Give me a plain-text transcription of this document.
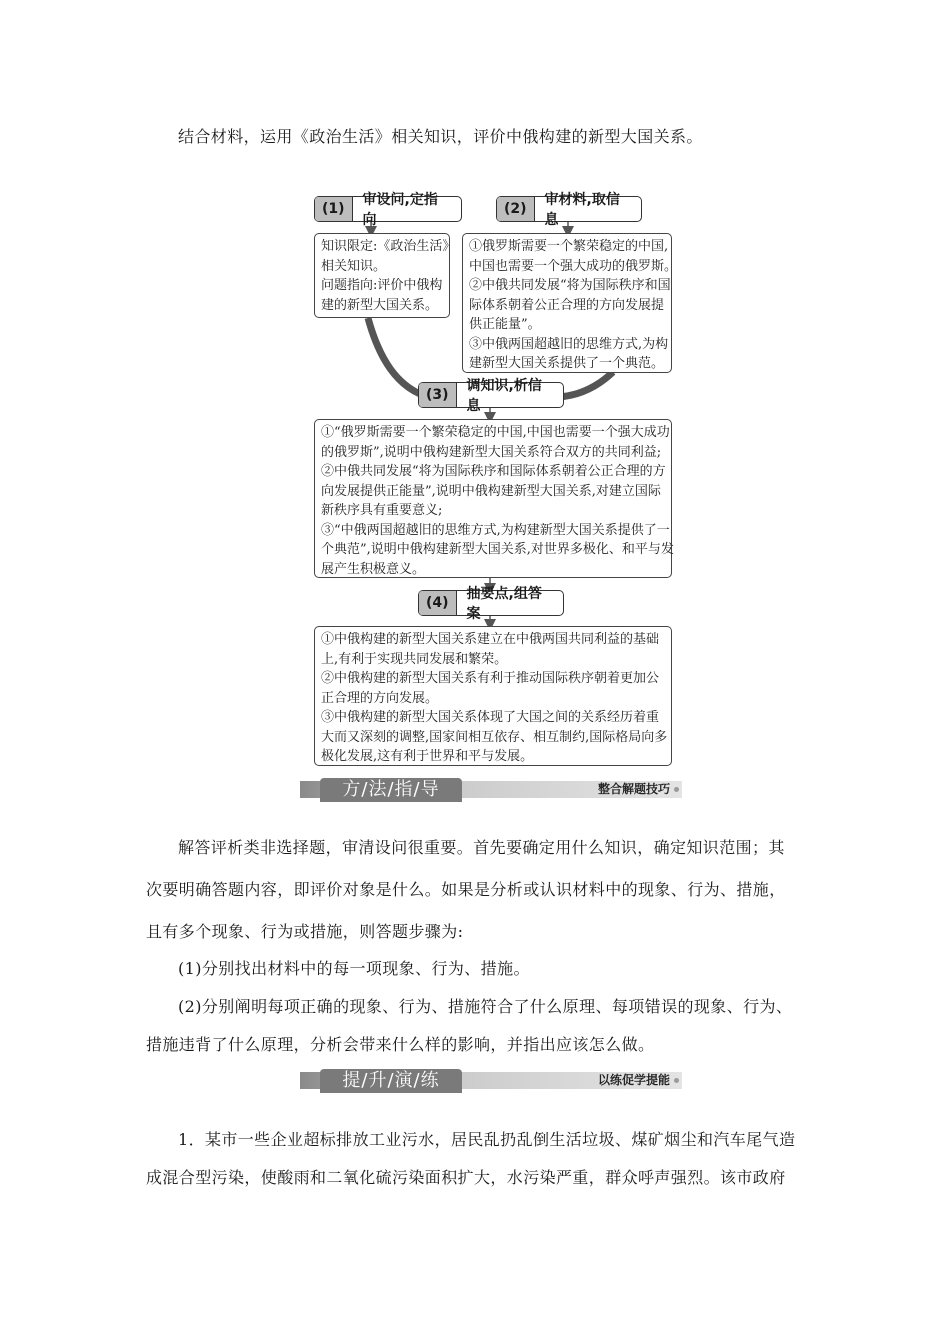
结合材料，运用《政治生活》相关知识，评价中俄构建的新型大国关系。
(1)
审设问,定指向
(2)
审材料,取信息
知识限定:《政治生活》
相关知识。
问题指向:评价中俄构
建的新型大国关系。
①俄罗斯需要一个繁荣稳定的中国,
中国也需要一个强大成功的俄罗斯。
②中俄共同发展“将为国际秩序和国
际体系朝着公正合理的方向发展提
供正能量”。
③中俄两国超越旧的思维方式,为构
建新型大国关系提供了一个典范。
(3)
调知识,析信息
①“俄罗斯需要一个繁荣稳定的中国,中国也需要一个强大成功
的俄罗斯”,说明中俄构建新型大国关系符合双方的共同利益;
②中俄共同发展“将为国际秩序和国际体系朝着公正合理的方
向发展提供正能量”,说明中俄构建新型大国关系,对建立国际
新秩序具有重要意义;
③“中俄两国超越旧的思维方式,为构建新型大国关系提供了一
个典范”,说明中俄构建新型大国关系,对世界多极化、和平与发
展产生积极意义。
(4)
抽要点,组答案
①中俄构建的新型大国关系建立在中俄两国共同利益的基础
上,有利于实现共同发展和繁荣。
②中俄构建的新型大国关系有利于推动国际秩序朝着更加公
正合理的方向发展。
③中俄构建的新型大国关系体现了大国之间的关系经历着重
大而又深刻的调整,国家间相互依存、相互制约,国际格局向多
极化发展,这有利于世界和平与发展。
方/法/指/导	整合解题技巧
解答评析类非选择题，审清设问很重要。首先要确定用什么知识，确定知识范围；其
次要明确答题内容，即评价对象是什么。如果是分析或认识材料中的现象、行为、措施，
且有多个现象、行为或措施，则答题步骤为:
(1)分别找出材料中的每一项现象、行为、措施。
(2)分别阐明每项正确的现象、行为、措施符合了什么原理、每项错误的现象、行为、
措施违背了什么原理，分析会带来什么样的影响，并指出应该怎么做。
提/升/演/练	以练促学提能
1．某市一些企业超标排放工业污水，居民乱扔乱倒生活垃圾、煤矿烟尘和汽车尾气造
成混合型污染，使酸雨和二氧化硫污染面积扩大，水污染严重，群众呼声强烈。该市政府
